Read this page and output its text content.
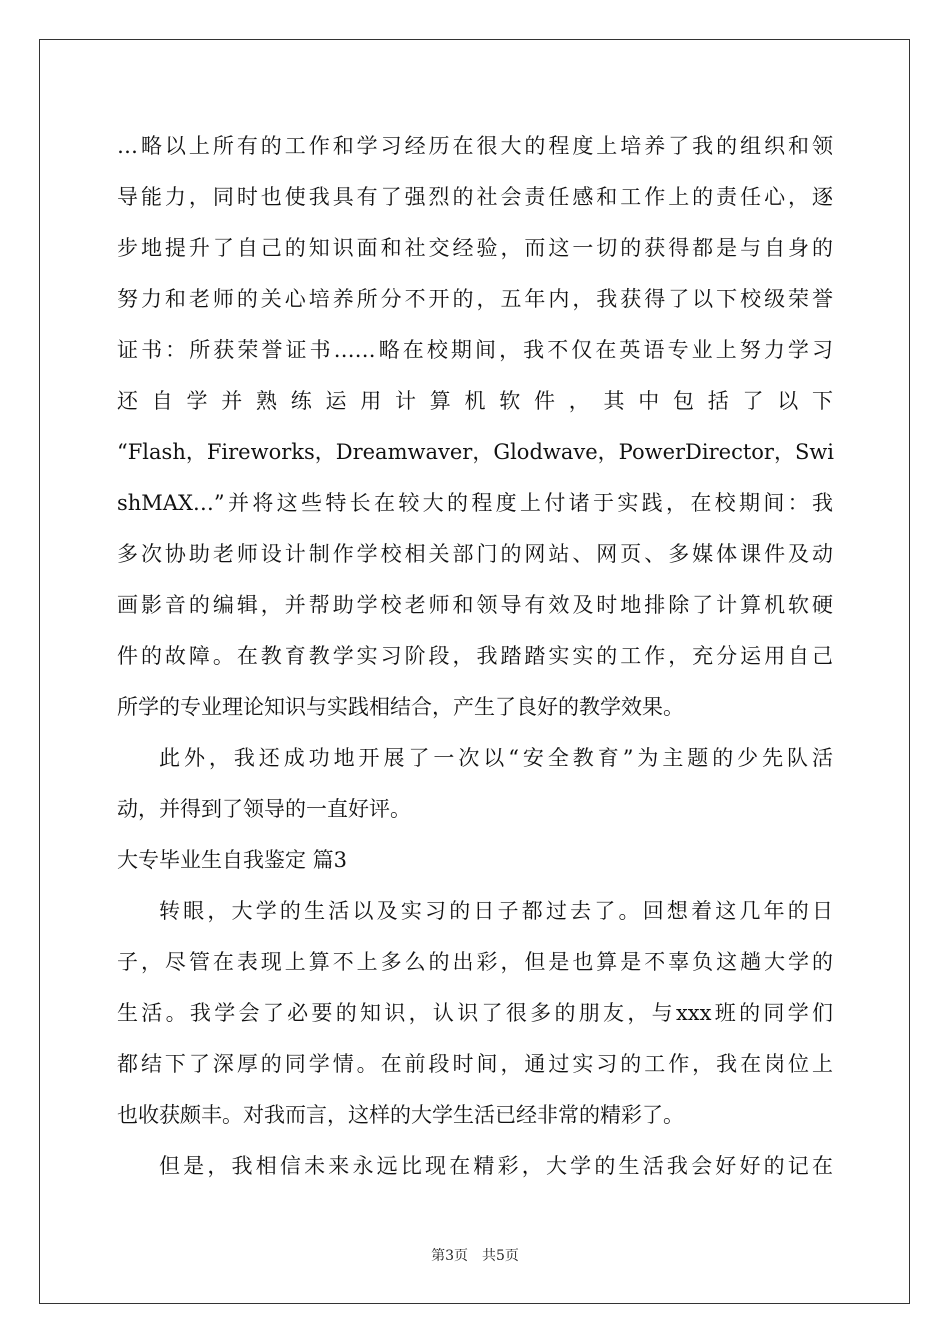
…略以上所有的工作和学习经历在很大的程度上培养了我的组织和领
导能力，同时也使我具有了强烈的社会责任感和工作上的责任心，逐
步地提升了自己的知识面和社交经验，而这一切的获得都是与自身的
努力和老师的关心培养所分不开的，五年内，我获得了以下校级荣誉
证书：所获荣誉证书……略在校期间，我不仅在英语专业上努力学习
还 自 学 并 熟 练 运 用 计 算 机 软 件 ， 其 中 包 括 了 以 下
“Flash，Fireworks，Dreamwaver，Glodwave，PowerDirector，Swi
shMAX…”并将这些特长在较大的程度上付诸于实践，在校期间：我
多次协助老师设计制作学校相关部门的网站、网页、多媒体课件及动
画影音的编辑，并帮助学校老师和领导有效及时地排除了计算机软硬
件的故障。在教育教学实习阶段，我踏踏实实的工作，充分运用自己
所学的专业理论知识与实践相结合，产生了良好的教学效果。
此外，我还成功地开展了一次以“安全教育”为主题的少先队活
动，并得到了领导的一直好评。
大专毕业生自我鉴定 篇3
转眼，大学的生活以及实习的日子都过去了。回想着这几年的日
子，尽管在表现上算不上多么的出彩，但是也算是不辜负这趟大学的
生活。我学会了必要的知识，认识了很多的朋友，与xxx班的同学们
都结下了深厚的同学情。在前段时间，通过实习的工作，我在岗位上
也收获颇丰。对我而言，这样的大学生活已经非常的精彩了。
但是，我相信未来永远比现在精彩，大学的生活我会好好的记在
第3页　共5页
